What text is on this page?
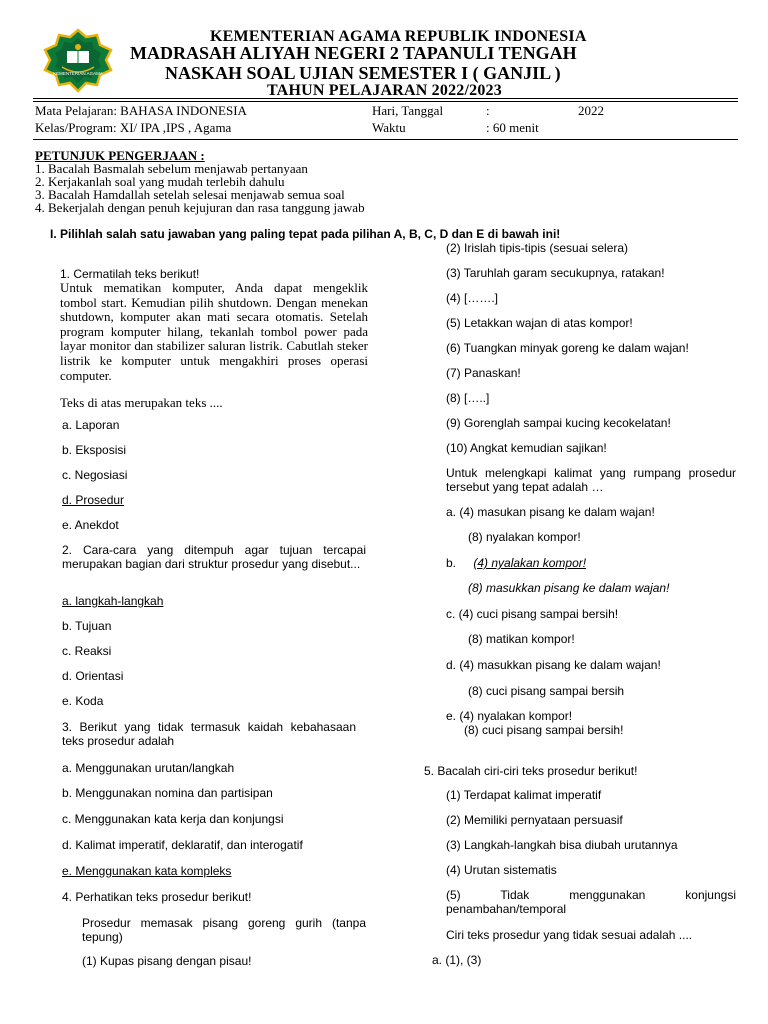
KEMENTERIAN AGAMA
KEMENTERIAN AGAMA REPUBLIK INDONESIA
MADRASAH ALIYAH NEGERI 2 TAPANULI TENGAH
NASKAH SOAL UJIAN SEMESTER I ( GANJIL )
TAHUN PELAJARAN 2022/2023
Mata Pelajaran: BAHASA INDONESIA	Hari, Tanggal	:	2022
Kelas/Program: XI/ IPA ,IPS , Agama	Waktu	: 60 menit
PETUNJUK PENGERJAAN :
1. Bacalah Basmalah sebelum menjawab pertanyaan
2. Kerjakanlah soal yang mudah terlebih dahulu
3. Bacalah Hamdallah setelah selesai menjawab semua soal
4. Bekerjalah dengan penuh kejujuran dan rasa tanggung jawab
I. Pilihlah salah satu jawaban yang paling tepat pada pilihan A, B, C, D dan E di bawah ini!
1. Cermatilah teks berikut!
Untuk mematikan komputer, Anda dapat mengeklik tombol start. Kemudian pilih shutdown. Dengan menekan shutdown, komputer akan mati secara otomatis. Setelah program komputer hilang, tekanlah tombol power pada layar monitor dan stabilizer saluran listrik. Cabutlah steker listrik ke komputer untuk mengakhiri proses operasi computer.
Teks di atas merupakan teks ....
a. Laporan
b. Eksposisi
c. Negosiasi
d. Prosedur
e. Anekdot
2. Cara-cara yang ditempuh agar tujuan tercapai merupakan bagian dari struktur prosedur yang disebut...
a. langkah-langkah
b. Tujuan
c. Reaksi
d. Orientasi
e. Koda
3. Berikut yang tidak termasuk kaidah kebahasaan teks prosedur adalah
a. Menggunakan urutan/langkah
b. Menggunakan nomina dan partisipan
c. Menggunakan kata kerja dan konjungsi
d. Kalimat imperatif, deklaratif, dan interogatif
e. Menggunakan kata kompleks
4. Perhatikan teks prosedur berikut!
Prosedur memasak pisang goreng gurih (tanpa tepung)
(1) Kupas pisang dengan pisau!
(2) Irislah tipis-tipis (sesuai selera)
(3) Taruhlah garam secukupnya, ratakan!
(4) […….]
(5) Letakkan wajan di atas kompor!
(6) Tuangkan minyak goreng ke dalam wajan!
(7) Panaskan!
(8) […..]
(9) Gorenglah sampai kucing kecokelatan!
(10) Angkat kemudian sajikan!
Untuk melengkapi kalimat yang rumpang prosedur tersebut yang tepat adalah …
a. (4) masukan pisang ke dalam wajan!
(8) nyalakan kompor!
b. (4) nyalakan kompor!
(8) masukkan pisang ke dalam wajan!
c. (4) cuci pisang sampai bersih!
(8) matikan kompor!
d. (4) masukkan pisang ke dalam wajan!
(8) cuci pisang sampai bersih
e. (4) nyalakan kompor!
(8) cuci pisang sampai bersih!
5. Bacalah ciri-ciri teks prosedur berikut!
(1) Terdapat kalimat imperatif
(2) Memiliki pernyataan persuasif
(3) Langkah-langkah bisa diubah urutannya
(4) Urutan sistematis
(5) Tidak menggunakan konjungsi penambahan/temporal
Ciri teks prosedur yang tidak sesuai adalah ....
a. (1), (3)
